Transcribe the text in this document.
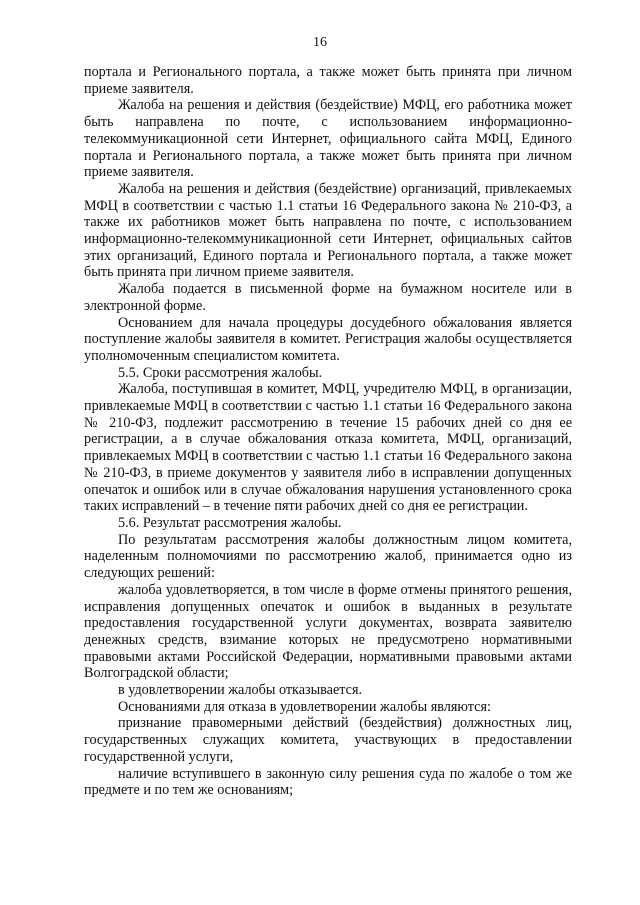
16

портала и Регионального портала, а также может быть принята при личном приеме заявителя.

Жалоба на решения и действия (бездействие) МФЦ, его работника может быть направлена по почте, с использованием информационно-телекоммуникационной сети Интернет, официального сайта МФЦ, Единого портала и Регионального портала, а также может быть принята при личном приеме заявителя.

Жалоба на решения и действия (бездействие) организаций, привлекаемых МФЦ в соответствии с частью 1.1 статьи 16 Федерального закона № 210-ФЗ, а также их работников может быть направлена по почте, с использованием информационно-телекоммуникационной сети Интернет, официальных сайтов этих организаций, Единого портала и Регионального портала, а также может быть принята при личном приеме заявителя.

Жалоба подается в письменной форме на бумажном носителе или в электронной форме.

Основанием для начала процедуры досудебного обжалования является поступление жалобы заявителя в комитет. Регистрация жалобы осуществляется уполномоченным специалистом комитета.

5.5. Сроки рассмотрения жалобы.

Жалоба, поступившая в комитет, МФЦ, учредителю МФЦ, в организации, привлекаемые МФЦ в соответствии с частью 1.1 статьи 16 Федерального закона № 210-ФЗ, подлежит рассмотрению в течение 15 рабочих дней со дня ее регистрации, а в случае обжалования отказа комитета, МФЦ, организаций, привлекаемых МФЦ в соответствии с частью 1.1 статьи 16 Федерального закона № 210-ФЗ, в приеме документов у заявителя либо в исправлении допущенных опечаток и ошибок или в случае обжалования нарушения установленного срока таких исправлений – в течение пяти рабочих дней со дня ее регистрации.

5.6. Результат рассмотрения жалобы.

По результатам рассмотрения жалобы должностным лицом комитета, наделенным полномочиями по рассмотрению жалоб, принимается одно из следующих решений:

жалоба удовлетворяется, в том числе в форме отмены принятого решения, исправления допущенных опечаток и ошибок в выданных в результате предоставления государственной услуги документах, возврата заявителю денежных средств, взимание которых не предусмотрено нормативными правовыми актами Российской Федерации, нормативными правовыми актами Волгоградской области;

в удовлетворении жалобы отказывается.

Основаниями для отказа в удовлетворении жалобы являются:

признание правомерными действий (бездействия) должностных лиц, государственных служащих комитета, участвующих в предоставлении государственной услуги,

наличие вступившего в законную силу решения суда по жалобе о том же предмете и по тем же основаниям;
